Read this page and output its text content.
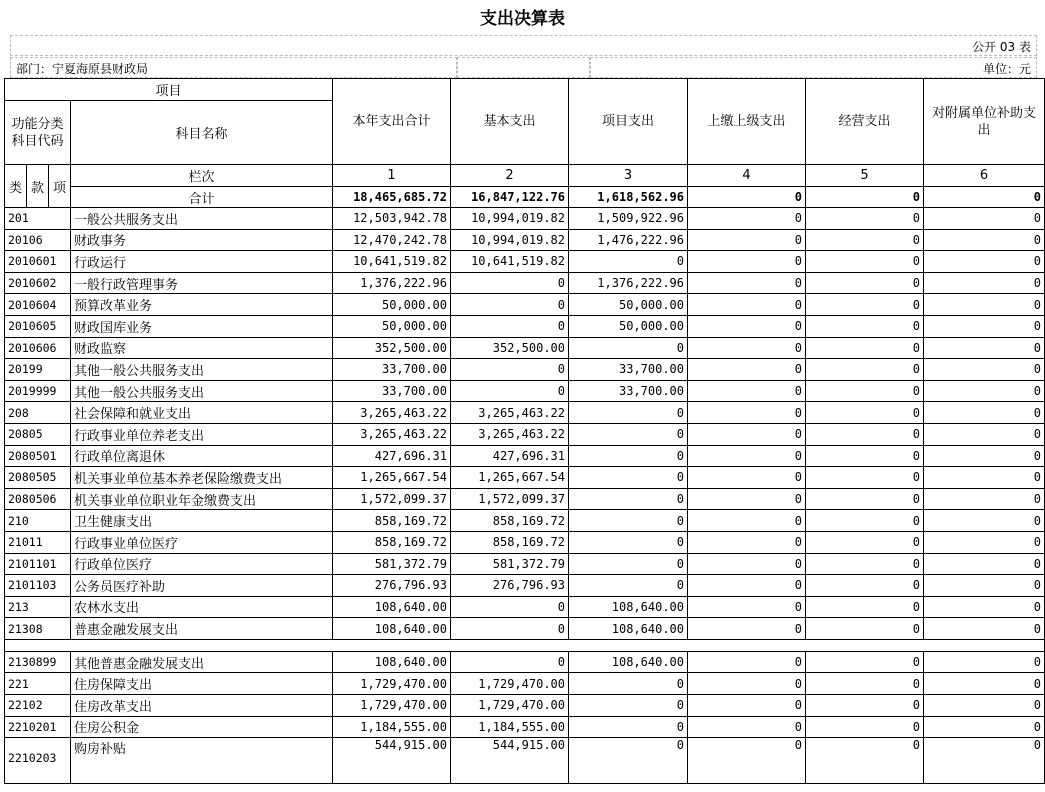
支出决算表
公开 03 表
部门：宁夏海原县财政局	单位：元
项目				本年支出合计	基本支出	项目支出	上缴上级支出	经营支出	对附属单位补助支出
功能分类科目代码			科目名称						
类	款	项	栏次	1	2	3	4	5	6
			合计	18,465,685.72	16,847,122.76	1,618,562.96	0	0	0
201			一般公共服务支出	12,503,942.78	10,994,019.82	1,509,922.96	0	0	0
20106			财政事务	12,470,242.78	10,994,019.82	1,476,222.96	0	0	0
2010601			行政运行	10,641,519.82	10,641,519.82	0	0	0	0
2010602			一般行政管理事务	1,376,222.96	0	1,376,222.96	0	0	0
2010604			预算改革业务	50,000.00	0	50,000.00	0	0	0
2010605			财政国库业务	50,000.00	0	50,000.00	0	0	0
2010606			财政监察	352,500.00	352,500.00	0	0	0	0
20199			其他一般公共服务支出	33,700.00	0	33,700.00	0	0	0
2019999			其他一般公共服务支出	33,700.00	0	33,700.00	0	0	0
208			社会保障和就业支出	3,265,463.22	3,265,463.22	0	0	0	0
20805			行政事业单位养老支出	3,265,463.22	3,265,463.22	0	0	0	0
2080501			行政单位离退休	427,696.31	427,696.31	0	0	0	0
2080505			机关事业单位基本养老保险缴费支出	1,265,667.54	1,265,667.54	0	0	0	0
2080506			机关事业单位职业年金缴费支出	1,572,099.37	1,572,099.37	0	0	0	0
210			卫生健康支出	858,169.72	858,169.72	0	0	0	0
21011			行政事业单位医疗	858,169.72	858,169.72	0	0	0	0
2101101			行政单位医疗	581,372.79	581,372.79	0	0	0	0
2101103			公务员医疗补助	276,796.93	276,796.93	0	0	0	0
213			农林水支出	108,640.00	0	108,640.00	0	0	0
21308			普惠金融发展支出	108,640.00	0	108,640.00	0	0	0

2130899			其他普惠金融发展支出	108,640.00	0	108,640.00	0	0	0
221			住房保障支出	1,729,470.00	1,729,470.00	0	0	0	0
22102			住房改革支出	1,729,470.00	1,729,470.00	0	0	0	0
2210201			住房公积金	1,184,555.00	1,184,555.00	0	0	0	0
2210203			购房补贴	544,915.00	544,915.00	0	0	0	0
